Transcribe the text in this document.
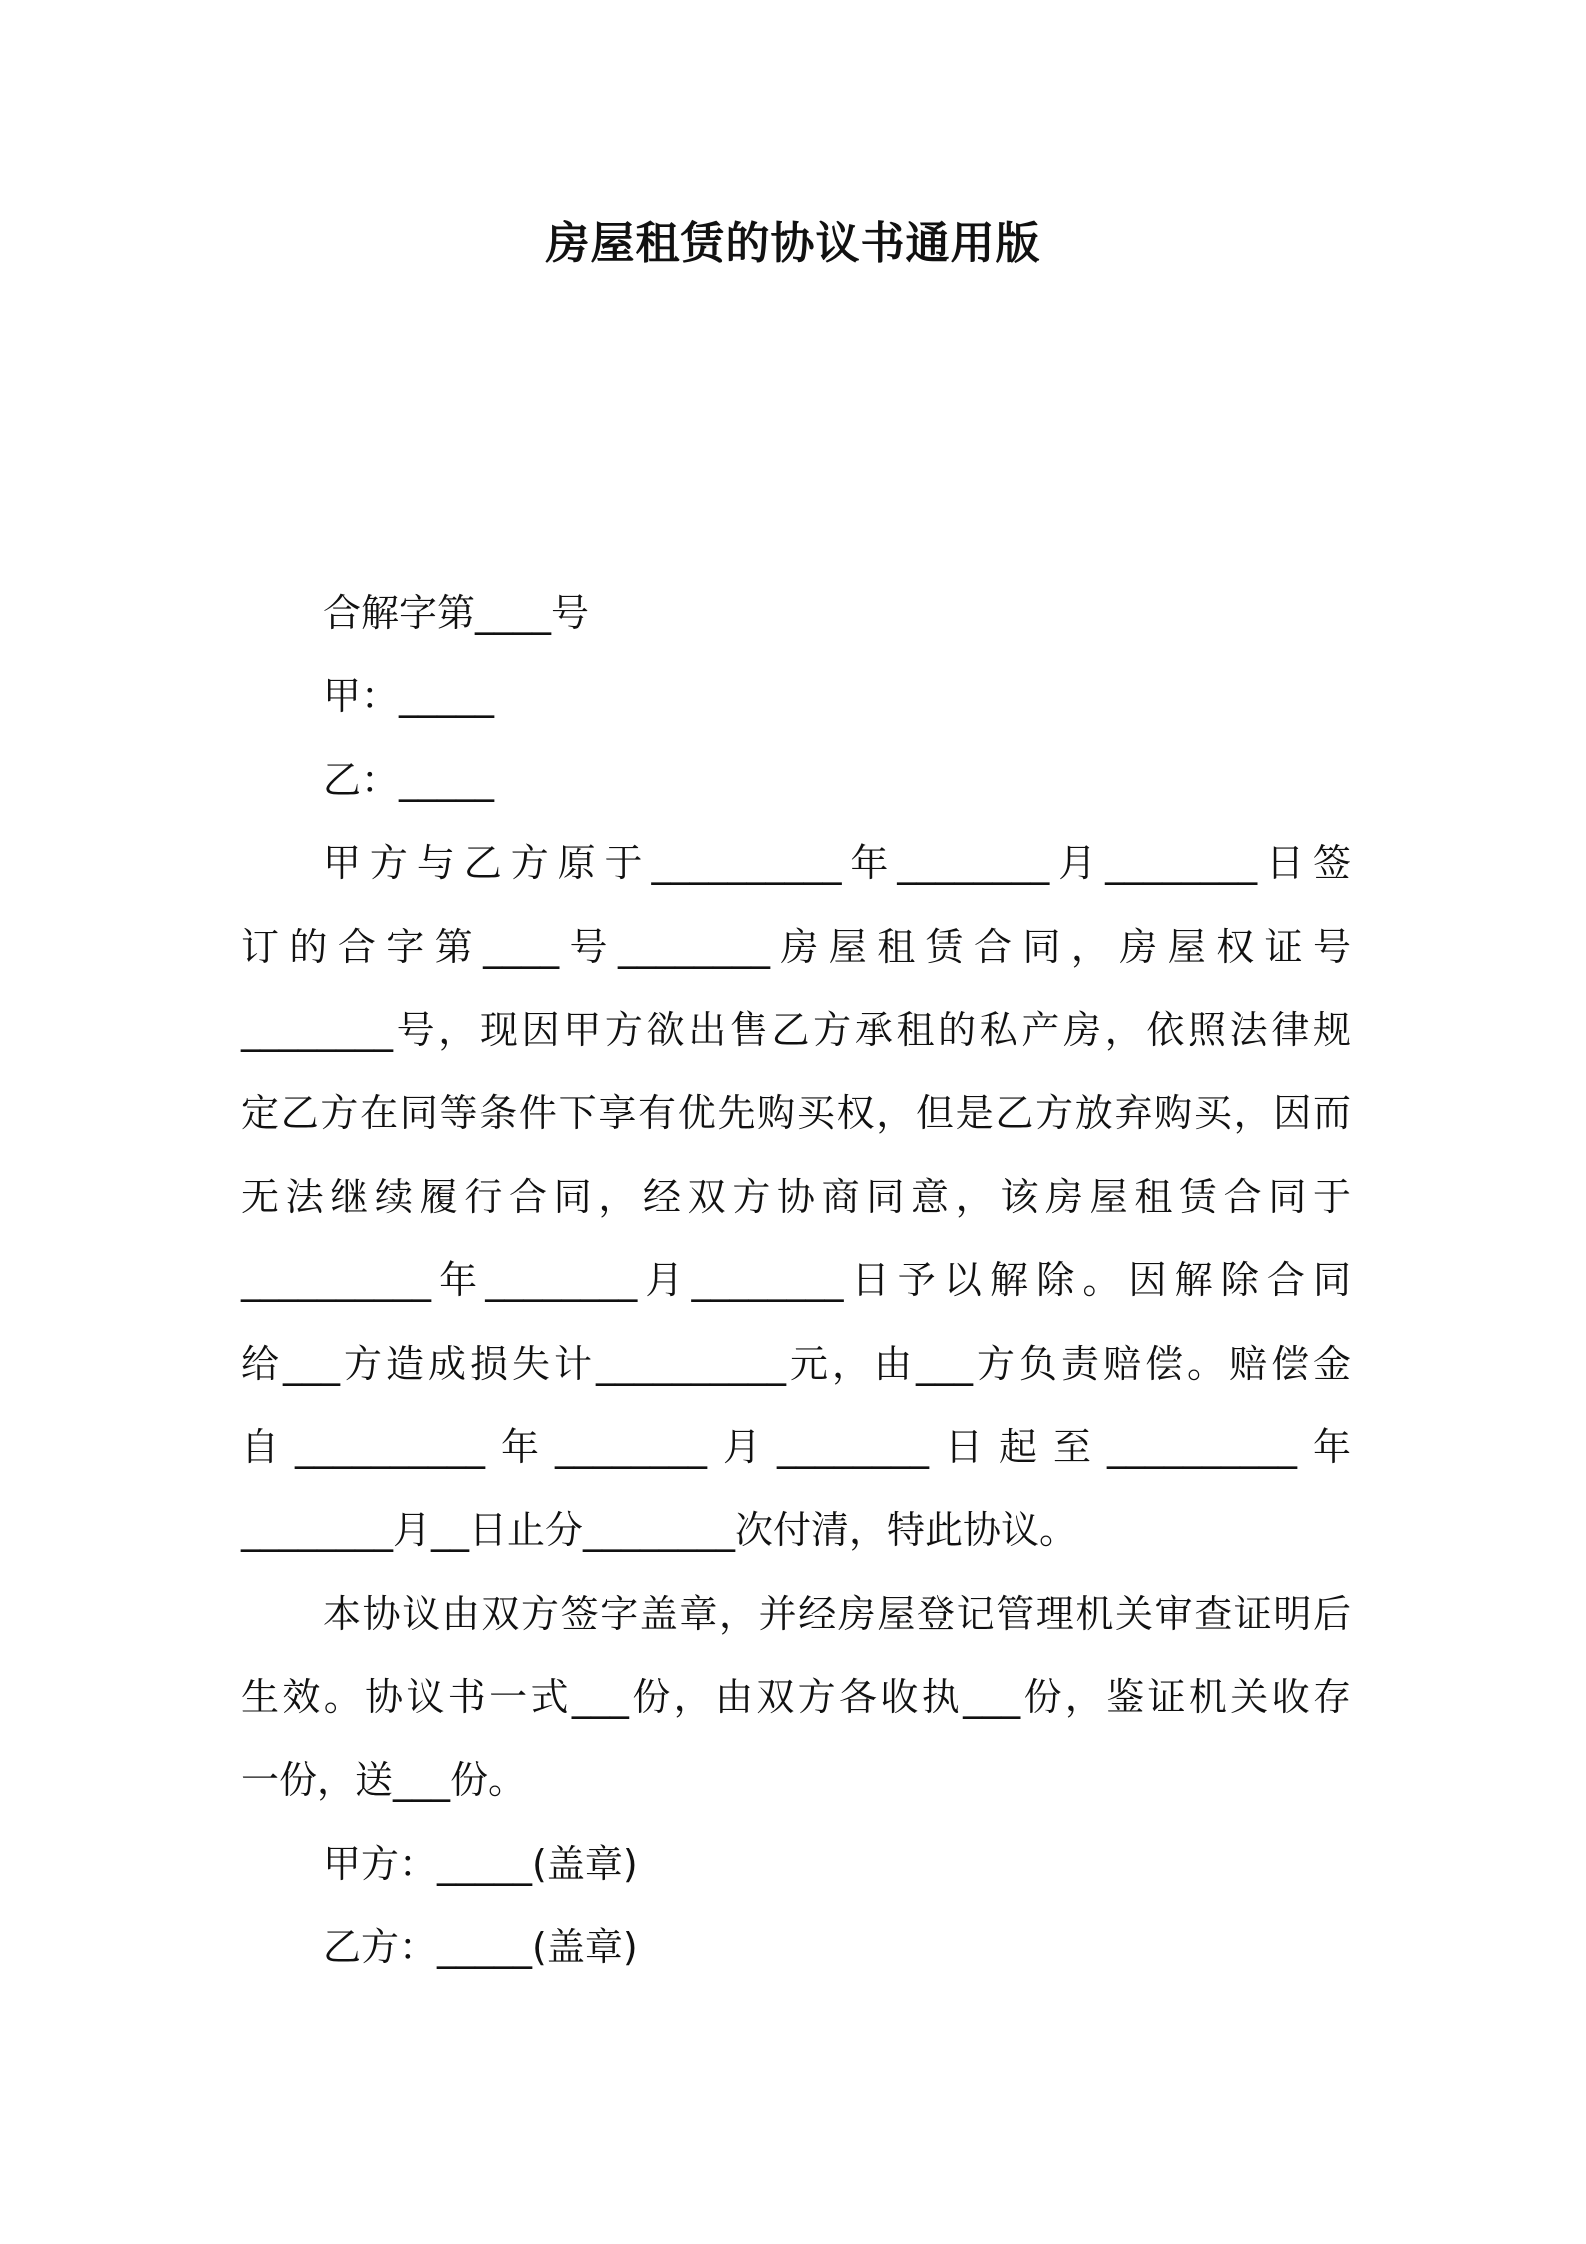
房屋租赁的协议书通用版
合解字第____号
甲：_____
乙：_____
甲方与乙方原于__________年________月________日签
订的合字第____号________房屋租赁合同，房屋权证号
________号，现因甲方欲出售乙方承租的私产房，依照法律规
定乙方在同等条件下享有优先购买权，但是乙方放弃购买，因而
无法继续履行合同，经双方协商同意，该房屋租赁合同于
__________年________月________日予以解除。因解除合同
给___方造成损失计__________元，由___方负责赔偿。赔偿金
自__________年________月________日起至__________年
________月__日止分________次付清，特此协议。
本协议由双方签字盖章，并经房屋登记管理机关审查证明后
生效。协议书一式___份，由双方各收执___份，鉴证机关收存
一份，送___份。
甲方：_____(盖章)
乙方：_____(盖章)
